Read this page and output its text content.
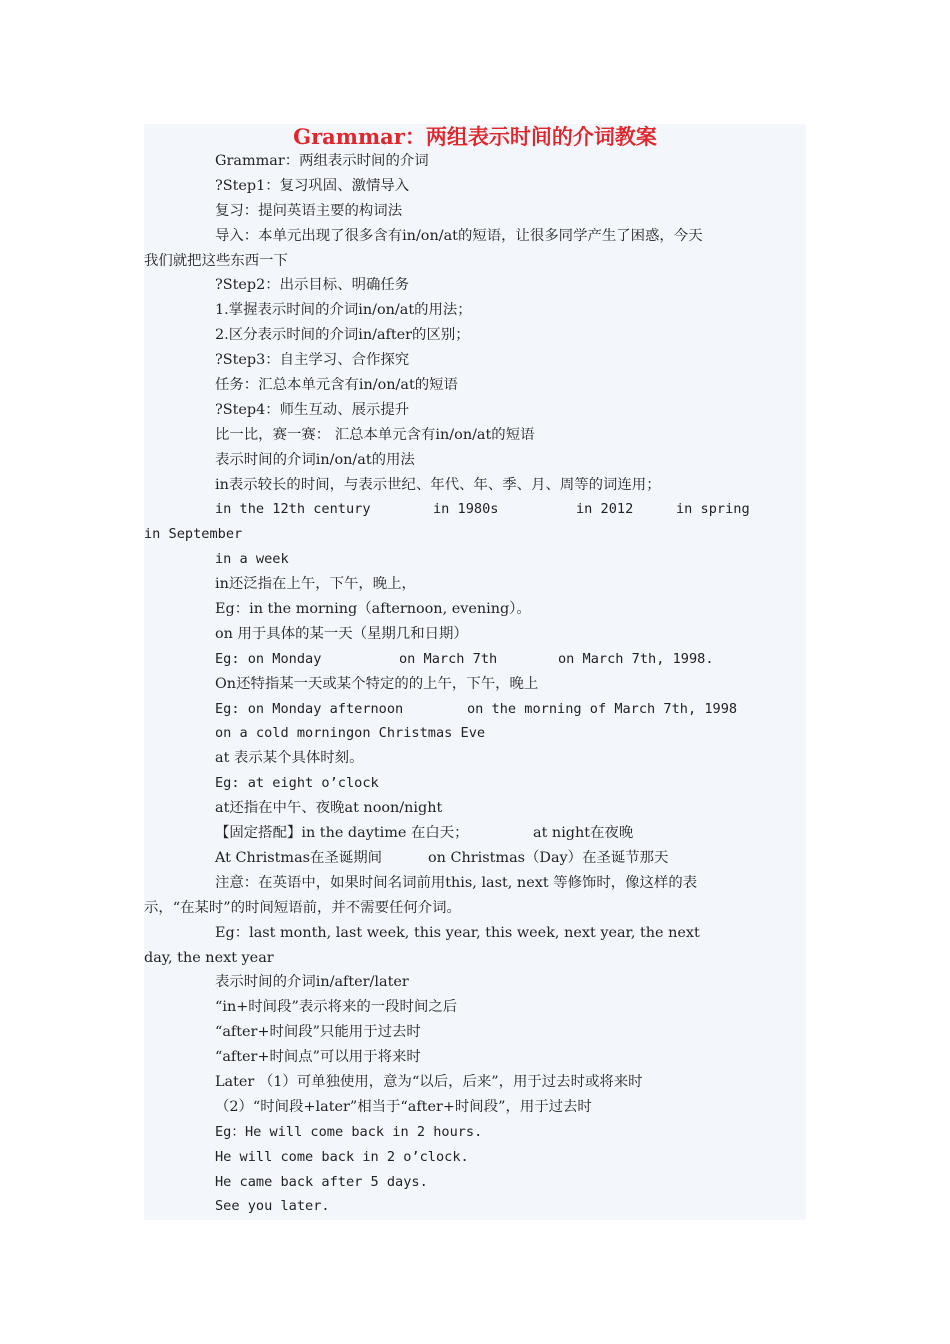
Grammar：两组表示时间的介词教案
Grammar：两组表示时间的介词
?Step1：复习巩固、激情导入
复习：提问英语主要的构词法
导入：本单元出现了很多含有in/on/at的短语，让很多同学产生了困惑，今天
我们就把这些东西一下
?Step2：出示目标、明确任务
1.掌握表示时间的介词in/on/at的用法；
2.区分表示时间的介词in/after的区别；
?Step3：自主学习、合作探究
任务：汇总本单元含有in/on/at的短语
?Step4：师生互动、展示提升
比一比，赛一赛： 汇总本单元含有in/on/at的短语
表示时间的介词in/on/at的用法
in表示较长的时间，与表示世纪、年代、年、季、月、周等的词连用；
in the 12th century	in 1980s	in 2012	in spring
in September
in a week
in还泛指在上午，下午，晚上，
Eg：in the morning（afternoon, evening）。
on 用于具体的某一天（星期几和日期）
Eg: on Monday	on March 7th	on March 7th, 1998.
On还特指某一天或某个特定的的上午，下午，晚上
Eg: on Monday afternoon	on the morning of March 7th, 1998
on a cold morningon Christmas Eve
at 表示某个具体时刻。
Eg: at eight o’clock
at还指在中午、夜晚at noon/night
【固定搭配】in the daytime 在白天；	at night在夜晚
At Christmas在圣诞期间	on Christmas（Day）在圣诞节那天
注意：在英语中，如果时间名词前用this, last, next 等修饰时，像这样的表
示，“在某时”的时间短语前，并不需要任何介词。
Eg：last month, last week, this year, this week, next year, the next
day, the next year
表示时间的介词in/after/later
“in+时间段”表示将来的一段时间之后
“after+时间段”只能用于过去时
“after+时间点”可以用于将来时
Later （1）可单独使用，意为“以后，后来”，用于过去时或将来时
（2）“时间段+later”相当于“after+时间段”，用于过去时
Eg：He will come back in 2 hours.
He will come back in 2 o’clock.
He came back after 5 days.
See you later.
